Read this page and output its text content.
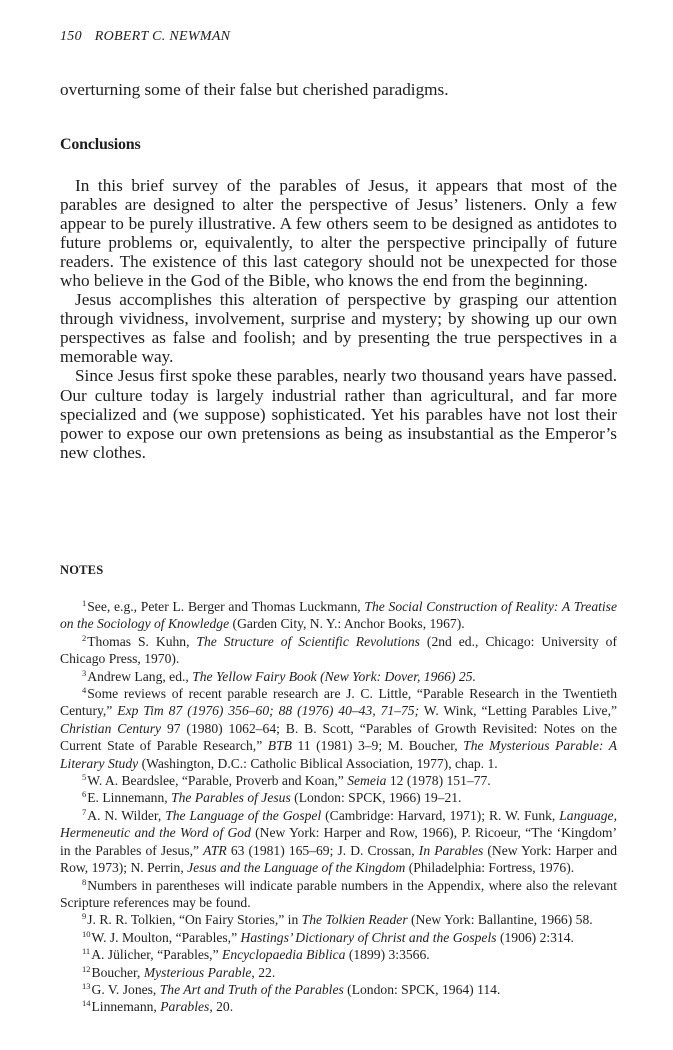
150 ROBERT C. NEWMAN
overturning some of their false but cherished paradigms.
Conclusions

In this brief survey of the parables of Jesus, it appears that most of the parables are designed to alter the perspective of Jesus’ listeners. Only a few appear to be purely illustrative. A few others seem to be designed as antidotes to future problems or, equivalently, to alter the perspective principally of future readers. The existence of this last category should not be unexpected for those who believe in the God of the Bible, who knows the end from the beginning.

Jesus accomplishes this alteration of perspective by grasping our attention through vividness, involvement, surprise and mystery; by showing up our own perspectives as false and foolish; and by presenting the true perspectives in a memorable way.

Since Jesus first spoke these parables, nearly two thousand years have passed. Our culture today is largely industrial rather than agricultural, and far more specialized and (we suppose) sophisticated. Yet his parables have not lost their power to expose our own pretensions as being as insubstantial as the Emperor’s new clothes.

NOTES

$^1$See, e.g., Peter L. Berger and Thomas Luckmann, The Social Construction of Reality: A Treatise on the Sociology of Knowledge (Garden City, N. Y.: Anchor Books, 1967).

$^2$Thomas S. Kuhn, The Structure of Scientific Revolutions (2nd ed., Chicago: University of Chicago Press, 1970).

$^3$Andrew Lang, ed., The Yellow Fairy Book (New York: Dover, 1966) 25.

$^4$Some reviews of recent parable research are J. C. Little, “Parable Research in the Twentieth Century,” Exp Tim 87 (1976) 356–60; 88 (1976) 40–43, 71–75; W. Wink, “Letting Parables Live,” Christian Century 97 (1980) 1062–64; B. B. Scott, “Parables of Growth Revisited: Notes on the Current State of Parable Research,” BTB 11 (1981) 3–9; M. Boucher, The Mysterious Parable: A Literary Study (Washington, D.C.: Catholic Biblical Association, 1977), chap. 1.

$^5$W. A. Beardslee, “Parable, Proverb and Koan,” Semeia 12 (1978) 151–77.

$^6$E. Linnemann, The Parables of Jesus (London: SPCK, 1966) 19–21.

$^7$A. N. Wilder, The Language of the Gospel (Cambridge: Harvard, 1971); R. W. Funk, Language, Hermeneutic and the Word of God (New York: Harper and Row, 1966), P. Ricoeur, “The ‘Kingdom’ in the Parables of Jesus,” ATR 63 (1981) 165–69; J. D. Crossan, In Parables (New York: Harper and Row, 1973); N. Perrin, Jesus and the Language of the Kingdom (Philadelphia: Fortress, 1976).

$^8$Numbers in parentheses will indicate parable numbers in the Appendix, where also the relevant Scripture references may be found.

$^9$J. R. R. Tolkien, “On Fairy Stories,” in The Tolkien Reader (New York: Ballantine, 1966) 58.

$^{10}$W. J. Moulton, “Parables,” Hastings’ Dictionary of Christ and the Gospels (1906) 2:314.

$^{11}$A. Jülicher, “Parables,” Encyclopaedia Biblica (1899) 3:3566.

$^{12}$Boucher, Mysterious Parable, 22.

$^{13}$G. V. Jones, The Art and Truth of the Parables (London: SPCK, 1964) 114.

$^{14}$Linnemann, Parables, 20.
